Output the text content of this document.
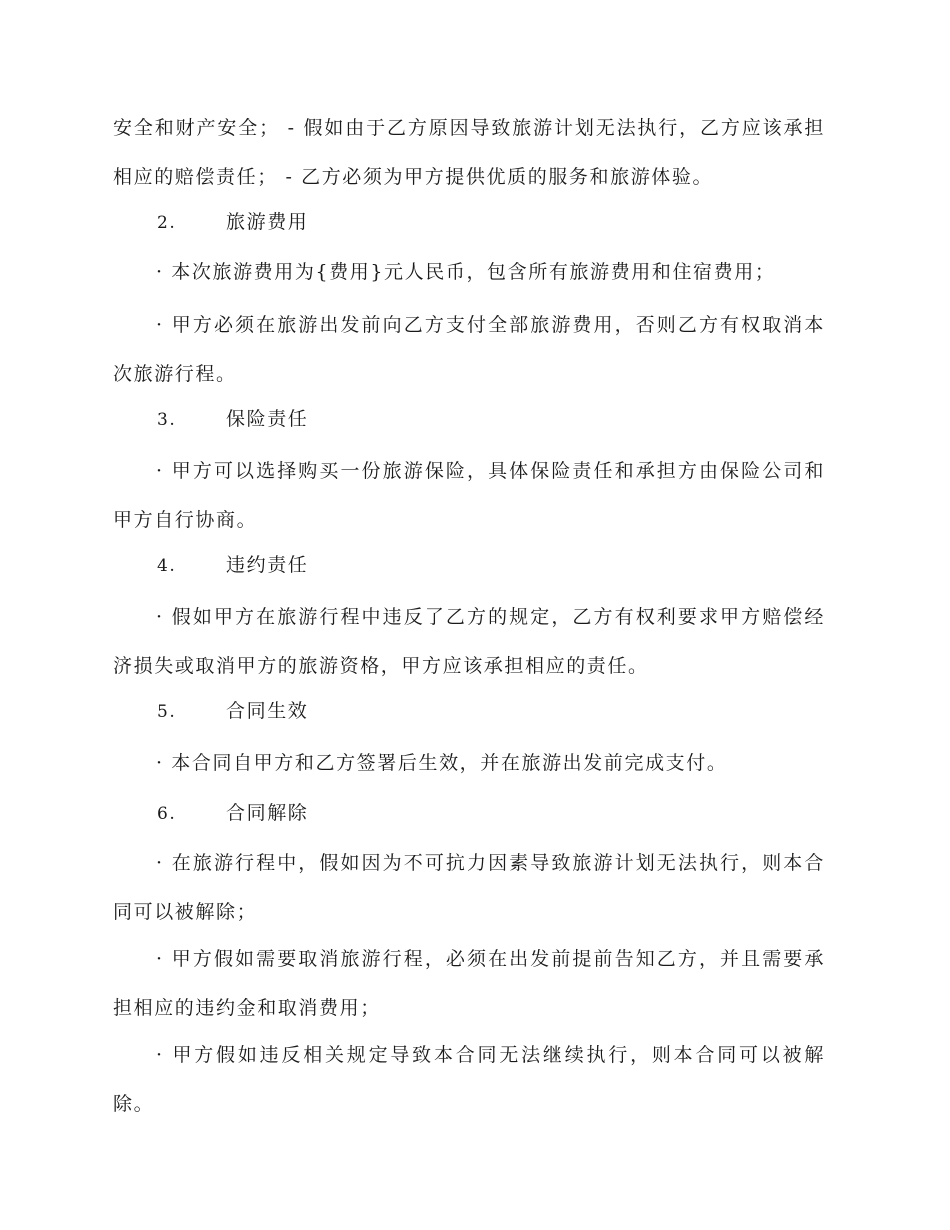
安全和财产安全； - 假如由于乙方原因导致旅游计划无法执行，乙方应该承担相应的赔偿责任； - 乙方必须为甲方提供优质的服务和旅游体验。

2.	旅游费用

· 本次旅游费用为{费用}元人民币，包含所有旅游费用和住宿费用；

· 甲方必须在旅游出发前向乙方支付全部旅游费用，否则乙方有权取消本次旅游行程。

3.	保险责任

· 甲方可以选择购买一份旅游保险，具体保险责任和承担方由保险公司和甲方自行协商。

4.	违约责任

· 假如甲方在旅游行程中违反了乙方的规定，乙方有权利要求甲方赔偿经济损失或取消甲方的旅游资格，甲方应该承担相应的责任。

5.	合同生效

· 本合同自甲方和乙方签署后生效，并在旅游出发前完成支付。

6.	合同解除

· 在旅游行程中，假如因为不可抗力因素导致旅游计划无法执行，则本合同可以被解除；

· 甲方假如需要取消旅游行程，必须在出发前提前告知乙方，并且需要承担相应的违约金和取消费用；

· 甲方假如违反相关规定导致本合同无法继续执行，则本合同可以被解除。
